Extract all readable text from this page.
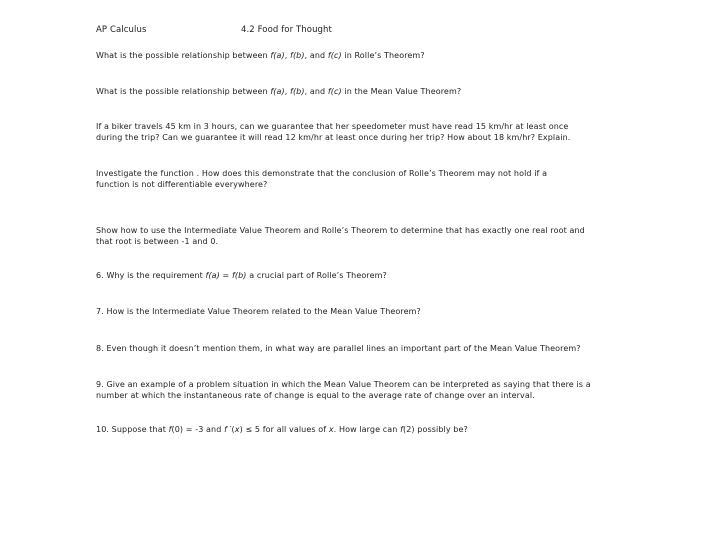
AP Calculus	4.2 Food for Thought
What is the possible relationship between f(a), f(b), and f(c) in Rolle’s Theorem?
What is the possible relationship between f(a), f(b), and f(c) in the Mean Value Theorem?
If a biker travels 45 km in 3 hours, can we guarantee that her speedometer must have read 15 km/hr at least once during the trip? Can we guarantee it will read 12 km/hr at least once during her trip? How about 18 km/hr? Explain.
Investigate the function . How does this demonstrate that the conclusion of Rolle’s Theorem may not hold if a function is not differentiable everywhere?
Show how to use the Intermediate Value Theorem and Rolle’s Theorem to determine that has exactly one real root and that root is between -1 and 0.
6. Why is the requirement f(a) = f(b) a crucial part of Rolle’s Theorem?
7. How is the Intermediate Value Theorem related to the Mean Value Theorem?
8. Even though it doesn’t mention them, in what way are parallel lines an important part of the Mean Value Theorem?
9. Give an example of a problem situation in which the Mean Value Theorem can be interpreted as saying that there is a number at which the instantaneous rate of change is equal to the average rate of change over an interval.
10. Suppose that f(0) = -3 and f ′(x) ≤ 5 for all values of x. How large can f(2) possibly be?
